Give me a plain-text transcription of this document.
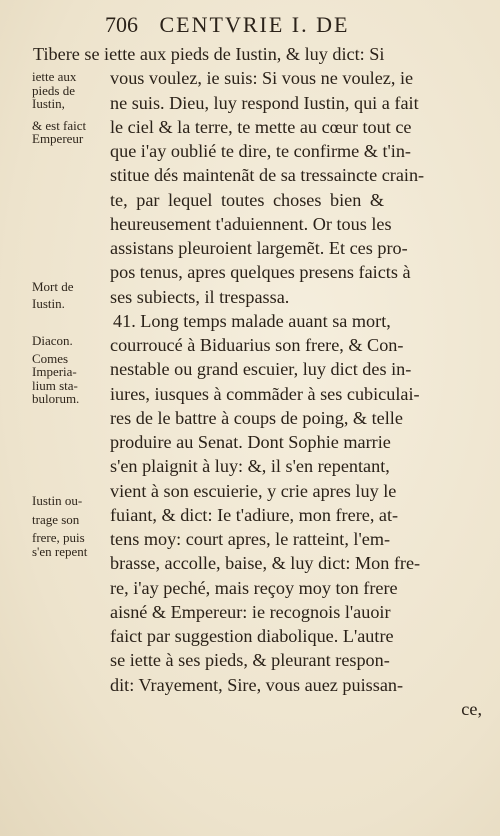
706 CENTVRIE I. DE
Tibere se iette aux pieds de Iustin, & luy dict: Si
vous voulez, ie suis: Si vous ne voulez, ie
ne suis. Dieu, luy respond Iustin, qui a fait
le ciel & la terre, te mette au cœur tout ce
que i'ay oublié te dire, te confirme & t'in-
stitue dés maintenãt de sa tressaincte crain-
te, par lequel toutes choses bien &
heureusement t'aduiennent. Or tous les
assistans pleuroient largemẽt. Et ces pro-
pos tenus, apres quelques presens faicts à
ses subiects, il trespassa.
41. Long temps malade auant sa mort,
courroucé à Biduarius son frere, & Con-
nestable ou grand escuier, luy dict des in-
iures, iusques à commãder à ses cubiculai-
res de le battre à coups de poing, & telle
produire au Senat. Dont Sophie marrie
s'en plaignit à luy: &, il s'en repentant,
vient à son escuierie, y crie apres luy le
fuiant, & dict: Ie t'adiure, mon frere, at-
tens moy: court apres, le ratteint, l'em-
brasse, accolle, baise, & luy dict: Mon fre-
re, i'ay peché, mais reçoy moy ton frere
aisné & Empereur: ie recognois l'auoir
faict par suggestion diabolique. L'autre
se iette à ses pieds, & pleurant respon-
dit: Vrayement, Sire, vous auez puissan-
ce,
iette aux
pieds de
Iustin,
& est faict
Empereur
Mort de
Iustin.
Diacon.
Comes
Imperia-
lium sta-
bulorum.
Iustin ou-
trage son
frere, puis
s'en repent
